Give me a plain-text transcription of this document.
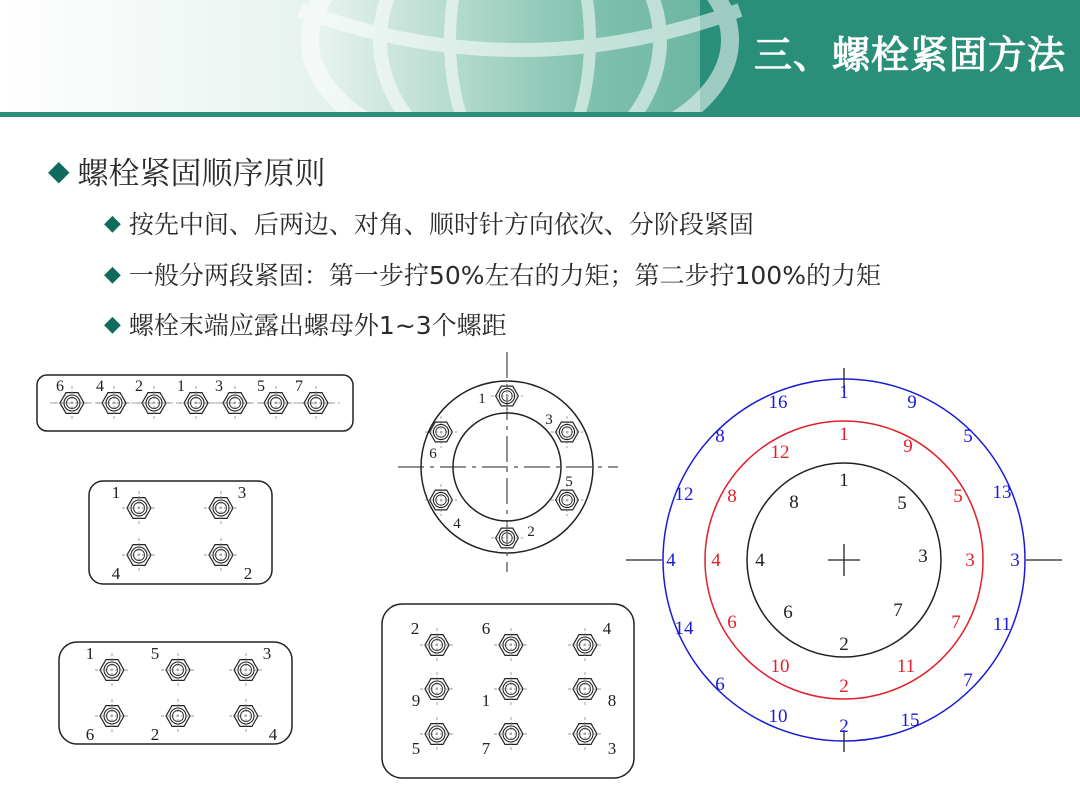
三、螺栓紧固方法
◆ 螺栓紧固顺序原则
◆ 按先中间、后两边、对角、顺时针方向依次、分阶段紧固
◆ 一般分两段紧固：第一步拧50%左右的力矩；第二步拧100%的力矩
◆ 螺栓末端应露出螺母外1~3个螺距
6 4 2 1 3 5 7
1	3
4	2
1	5	3
6	2	4
2	6	4
9	1	8
5	7	3
1
3
6
5
4	2
1	9
5
13
3
11
7
15
2
10
6
14
4
12
8
16
1
9
5
3
7
11
2
10
6
4
8
12
1
5
3
7
2
6
4
8
